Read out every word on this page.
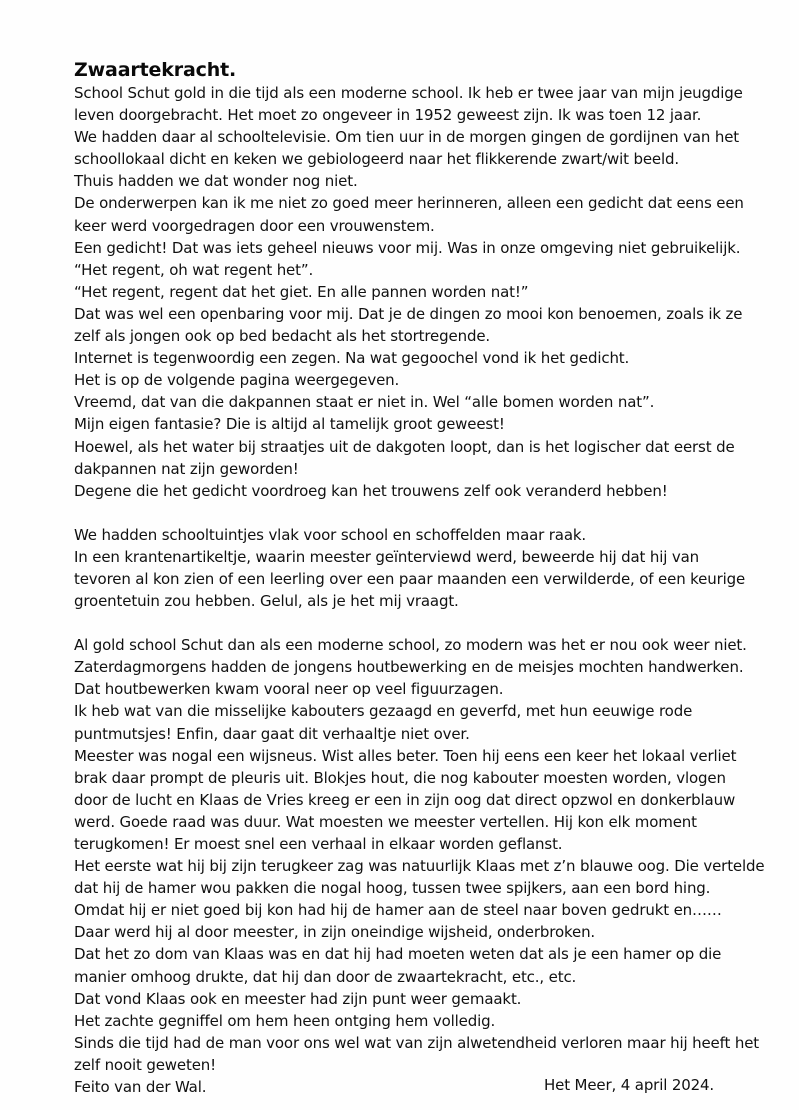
Zwaartekracht.
School Schut gold in die tijd als een moderne school. Ik heb er twee jaar van mijn jeugdige
leven doorgebracht. Het moet zo ongeveer in 1952 geweest zijn. Ik was toen 12 jaar.
We hadden daar al schooltelevisie. Om tien uur in de morgen gingen de gordijnen van het
schoollokaal dicht en keken we gebiologeerd naar het flikkerende zwart/wit beeld.
Thuis hadden we dat wonder nog niet.
De onderwerpen kan ik me niet zo goed meer herinneren, alleen een gedicht dat eens een
keer werd voorgedragen door een vrouwenstem.
Een gedicht! Dat was iets geheel nieuws voor mij. Was in onze omgeving niet gebruikelijk.
“Het regent, oh wat regent het”.
“Het regent, regent dat het giet. En alle pannen worden nat!”
Dat was wel een openbaring voor mij. Dat je de dingen zo mooi kon benoemen, zoals ik ze
zelf als jongen ook op bed bedacht als het stortregende.
Internet is tegenwoordig een zegen. Na wat gegoochel vond ik het gedicht.
Het is op de volgende pagina weergegeven.
Vreemd, dat van die dakpannen staat er niet in. Wel “alle bomen worden nat”.
Mijn eigen fantasie? Die is altijd al tamelijk groot geweest!
Hoewel, als het water bij straatjes uit de dakgoten loopt, dan is het logischer dat eerst de
dakpannen nat zijn geworden!
Degene die het gedicht voordroeg kan het trouwens zelf ook veranderd hebben!
We hadden schooltuintjes vlak voor school en schoffelden maar raak.
In een krantenartikeltje, waarin meester geïnterviewd werd, beweerde hij dat hij van
tevoren al kon zien of een leerling over een paar maanden een verwilderde, of een keurige
groentetuin zou hebben. Gelul, als je het mij vraagt.
Al gold school Schut dan als een moderne school, zo modern was het er nou ook weer niet.
Zaterdagmorgens hadden de jongens houtbewerking en de meisjes mochten handwerken.
Dat houtbewerken kwam vooral neer op veel figuurzagen.
Ik heb wat van die misselijke kabouters gezaagd en geverfd, met hun eeuwige rode
puntmutsjes! Enfin, daar gaat dit verhaaltje niet over.
Meester was nogal een wijsneus. Wist alles beter. Toen hij eens een keer het lokaal verliet
brak daar prompt de pleuris uit. Blokjes hout, die nog kabouter moesten worden, vlogen
door de lucht en Klaas de Vries kreeg er een in zijn oog dat direct opzwol en donkerblauw
werd. Goede raad was duur. Wat moesten we meester vertellen. Hij kon elk moment
terugkomen! Er moest snel een verhaal in elkaar worden geflanst.
Het eerste wat hij bij zijn terugkeer zag was natuurlijk Klaas met z’n blauwe oog. Die vertelde
dat hij de hamer wou pakken die nogal hoog, tussen twee spijkers, aan een bord hing.
Omdat hij er niet goed bij kon had hij de hamer aan de steel naar boven gedrukt en……
Daar werd hij al door meester, in zijn oneindige wijsheid, onderbroken.
Dat het zo dom van Klaas was en dat hij had moeten weten dat als je een hamer op die
manier omhoog drukte, dat hij dan door de zwaartekracht, etc., etc.
Dat vond Klaas ook en meester had zijn punt weer gemaakt.
Het zachte gegniffel om hem heen ontging hem volledig.
Sinds die tijd had de man voor ons wel wat van zijn alwetendheid verloren maar hij heeft het
zelf nooit geweten!
Feito van der Wal.	Het Meer, 4 april 2024.
